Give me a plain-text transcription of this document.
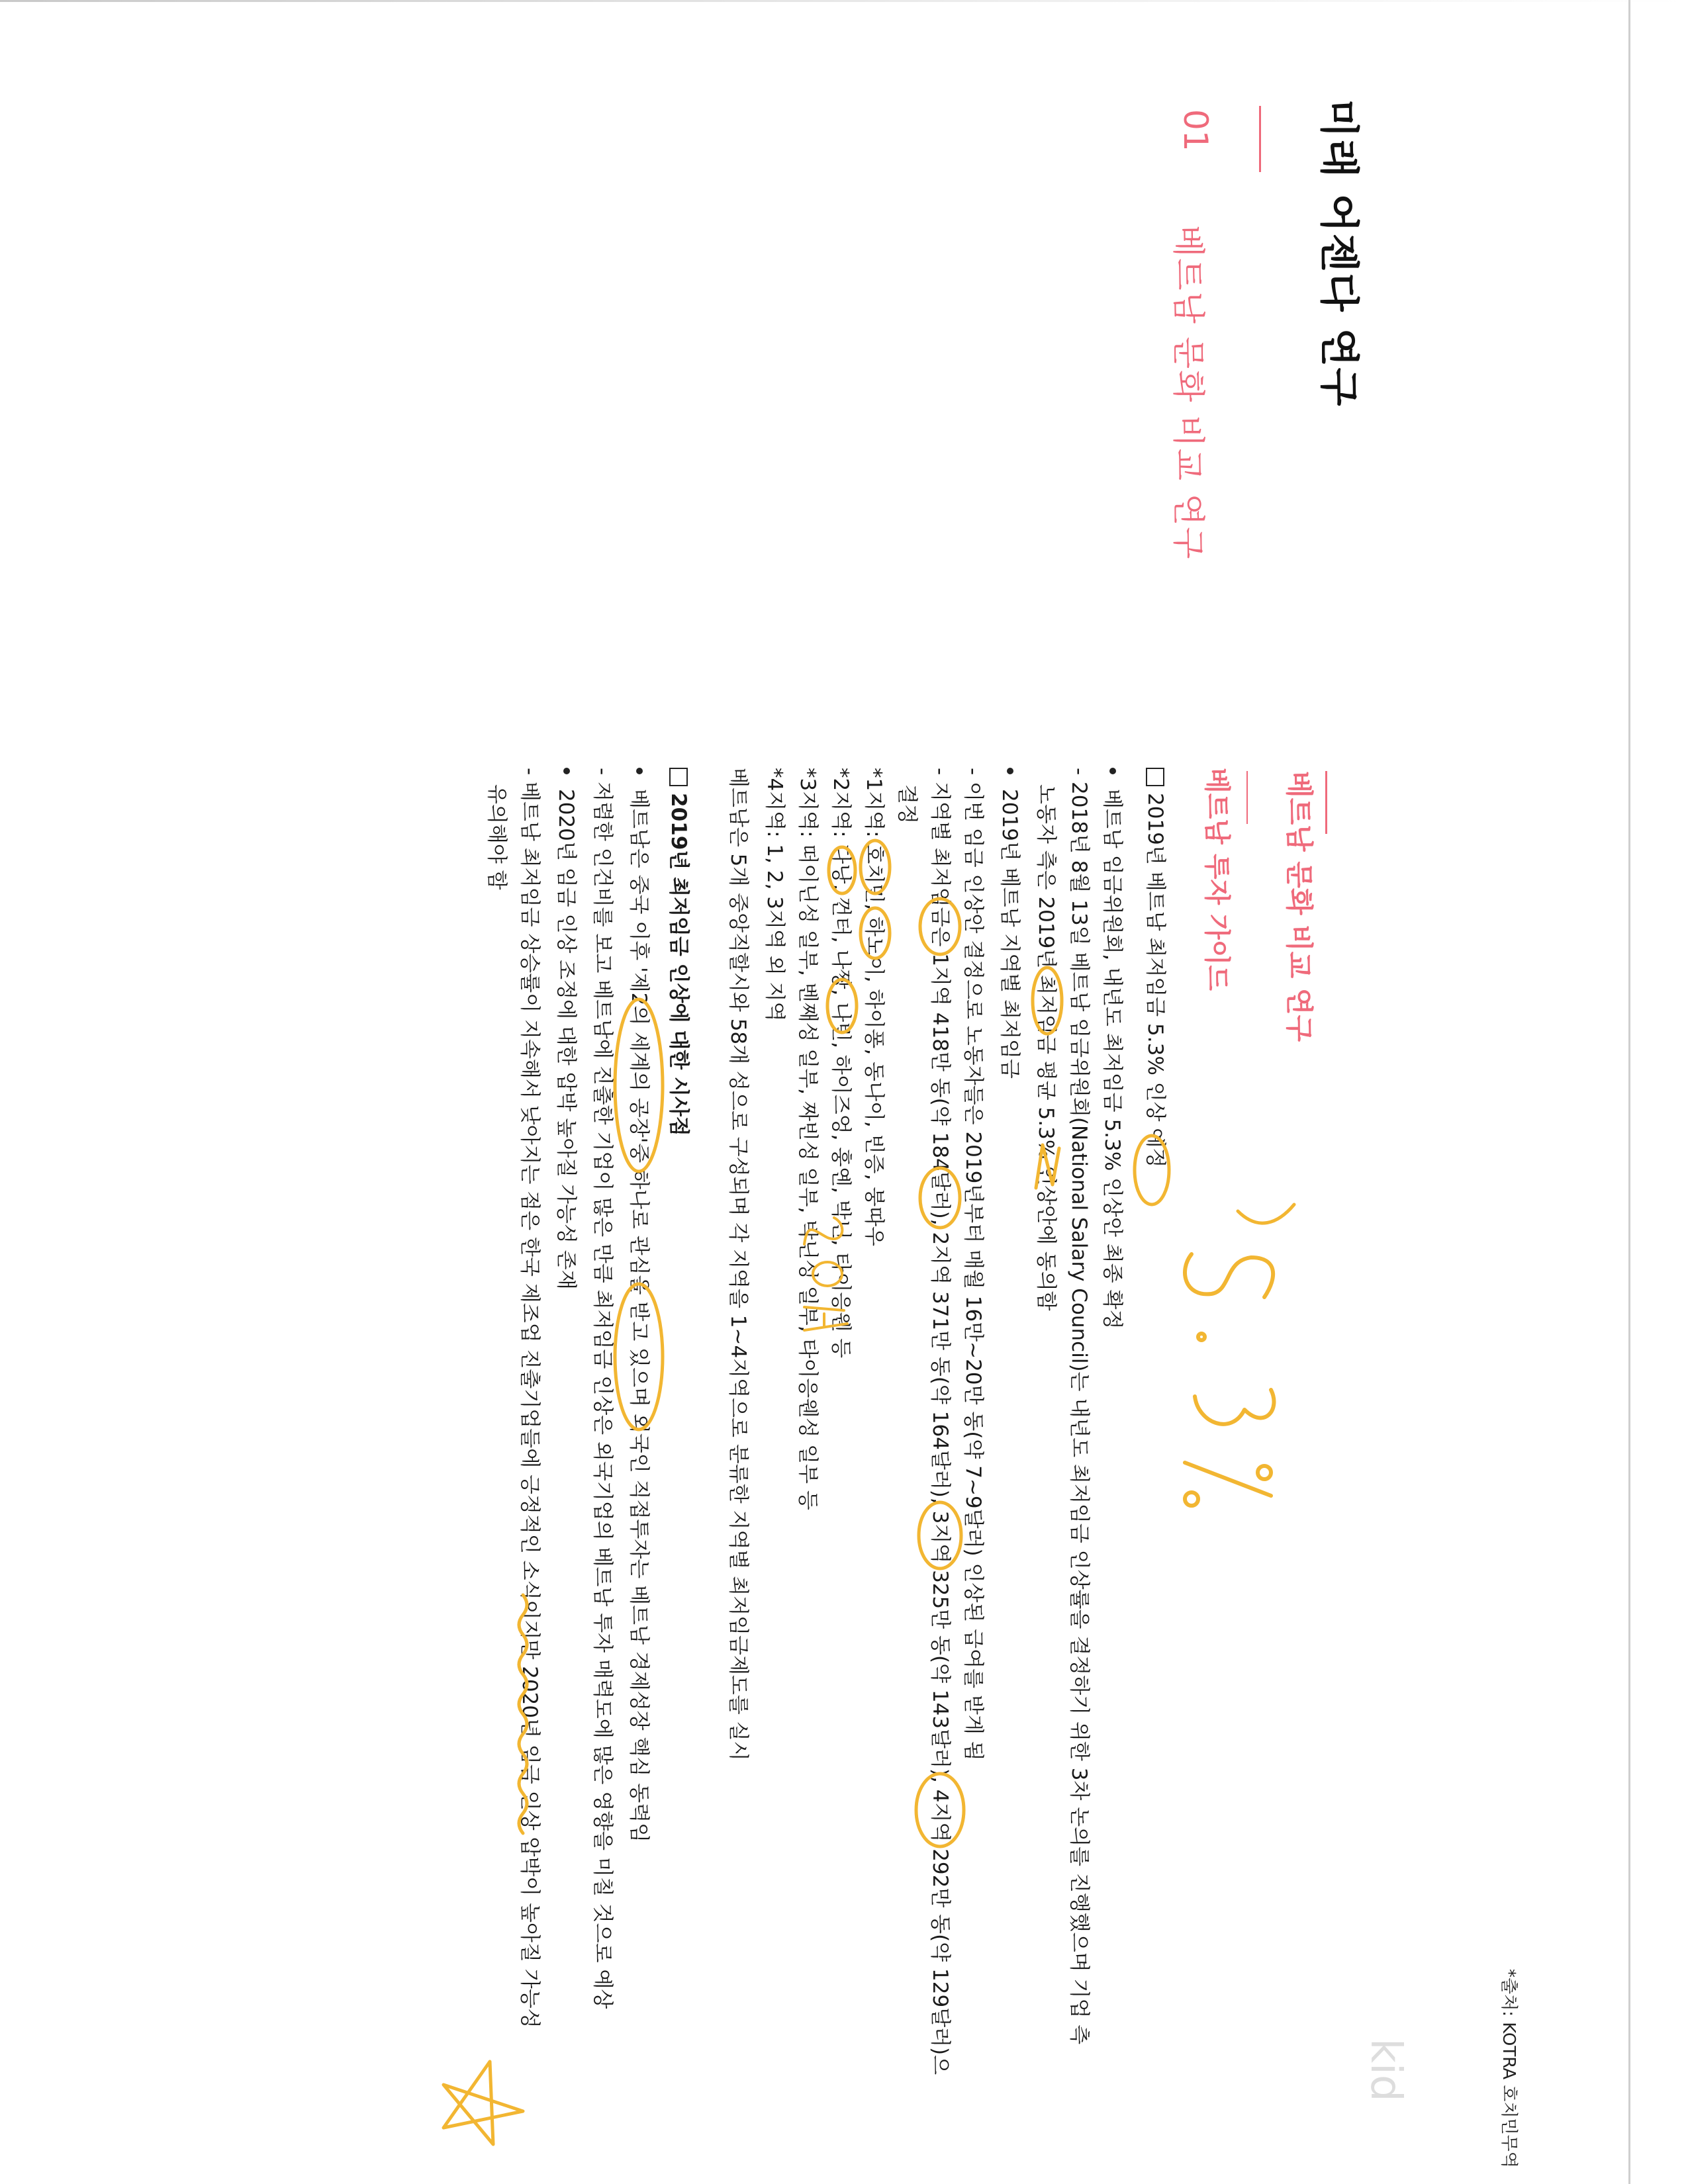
미래 어젠다 연구
01
베트남 문화 비교 연구
베트남 문화 비교 연구
베트남 투자 가이드
2019년 베트남 최저임금 5.3% 인상 예정
베트남 임금위원회, 내년도 최저임금 5.3% 인상안 최종 확정
- 2018년 8월 13일 베트남 임금위원회(National Salary Council)는 내년도 최저임금 인상률을 결정하기 위한 3차 논의를 진행했으며 기업 측
노동자 측은 2019년 최저임금 평균 5.3% 인상안에 동의함
2019년 베트남 지역별 최저임금
- 이번 임금 인상안 결정으로 노동자들은 2019년부터 매월 16만~20만 동(약 7~9달러) 인상된 급여를 받게 됨
- 지역별 최저임금은 1지역 418만 동(약 184달러), 2지역 371만 동(약 164달러), 3지역 325만 동(약 143달러), 4지역 292만 동(약 129달러)으
결정
*1지역: 호치민, 하노이, 하이퐁, 동나이, 빈증, 붕따우
*2지역: 다낭, 껀터, 나짱, 나빈, 하이즈엉, 훙옌, 박닌, 타이응웬 등
*3지역: 떠이닌성 일부, 벤째성 일부, 짜빈성 일부, 박닌성 일부, 타이응웬성 일부 등
*4지역: 1, 2, 3지역 외 지역
베트남은 5개 중앙직할시와 58개 성으로 구성되며 각 지역을 1~4지역으로 분류한 지역별 최저임금제도를 실시
2019년 최저임금 인상에 대한 시사점
베트남은 중국 이후 '제2의 세계의 공장'중 하나로 관심을 받고 있으며 외국인 직접투자는 베트남 경제성장 핵심 동력임
- 저렴한 인건비를 보고 베트남에 진출한 기업이 많은 만큼 최저임금 인상은 외국기업의 베트남 투자 매력도에 많은 영향을 미칠 것으로 예상
2020년 임금 인상 조정에 대한 압박 높아질 가능성 존재
- 베트남 최저임금 상승률이 지속해서 낮아지는 점은 한국 제조업 진출기업들에 긍정적인 소식이지만 2020년 임금 인상 압박이 높아질 가능성
유의해야 함
*출처: KOTRA 호치민무역
kid
